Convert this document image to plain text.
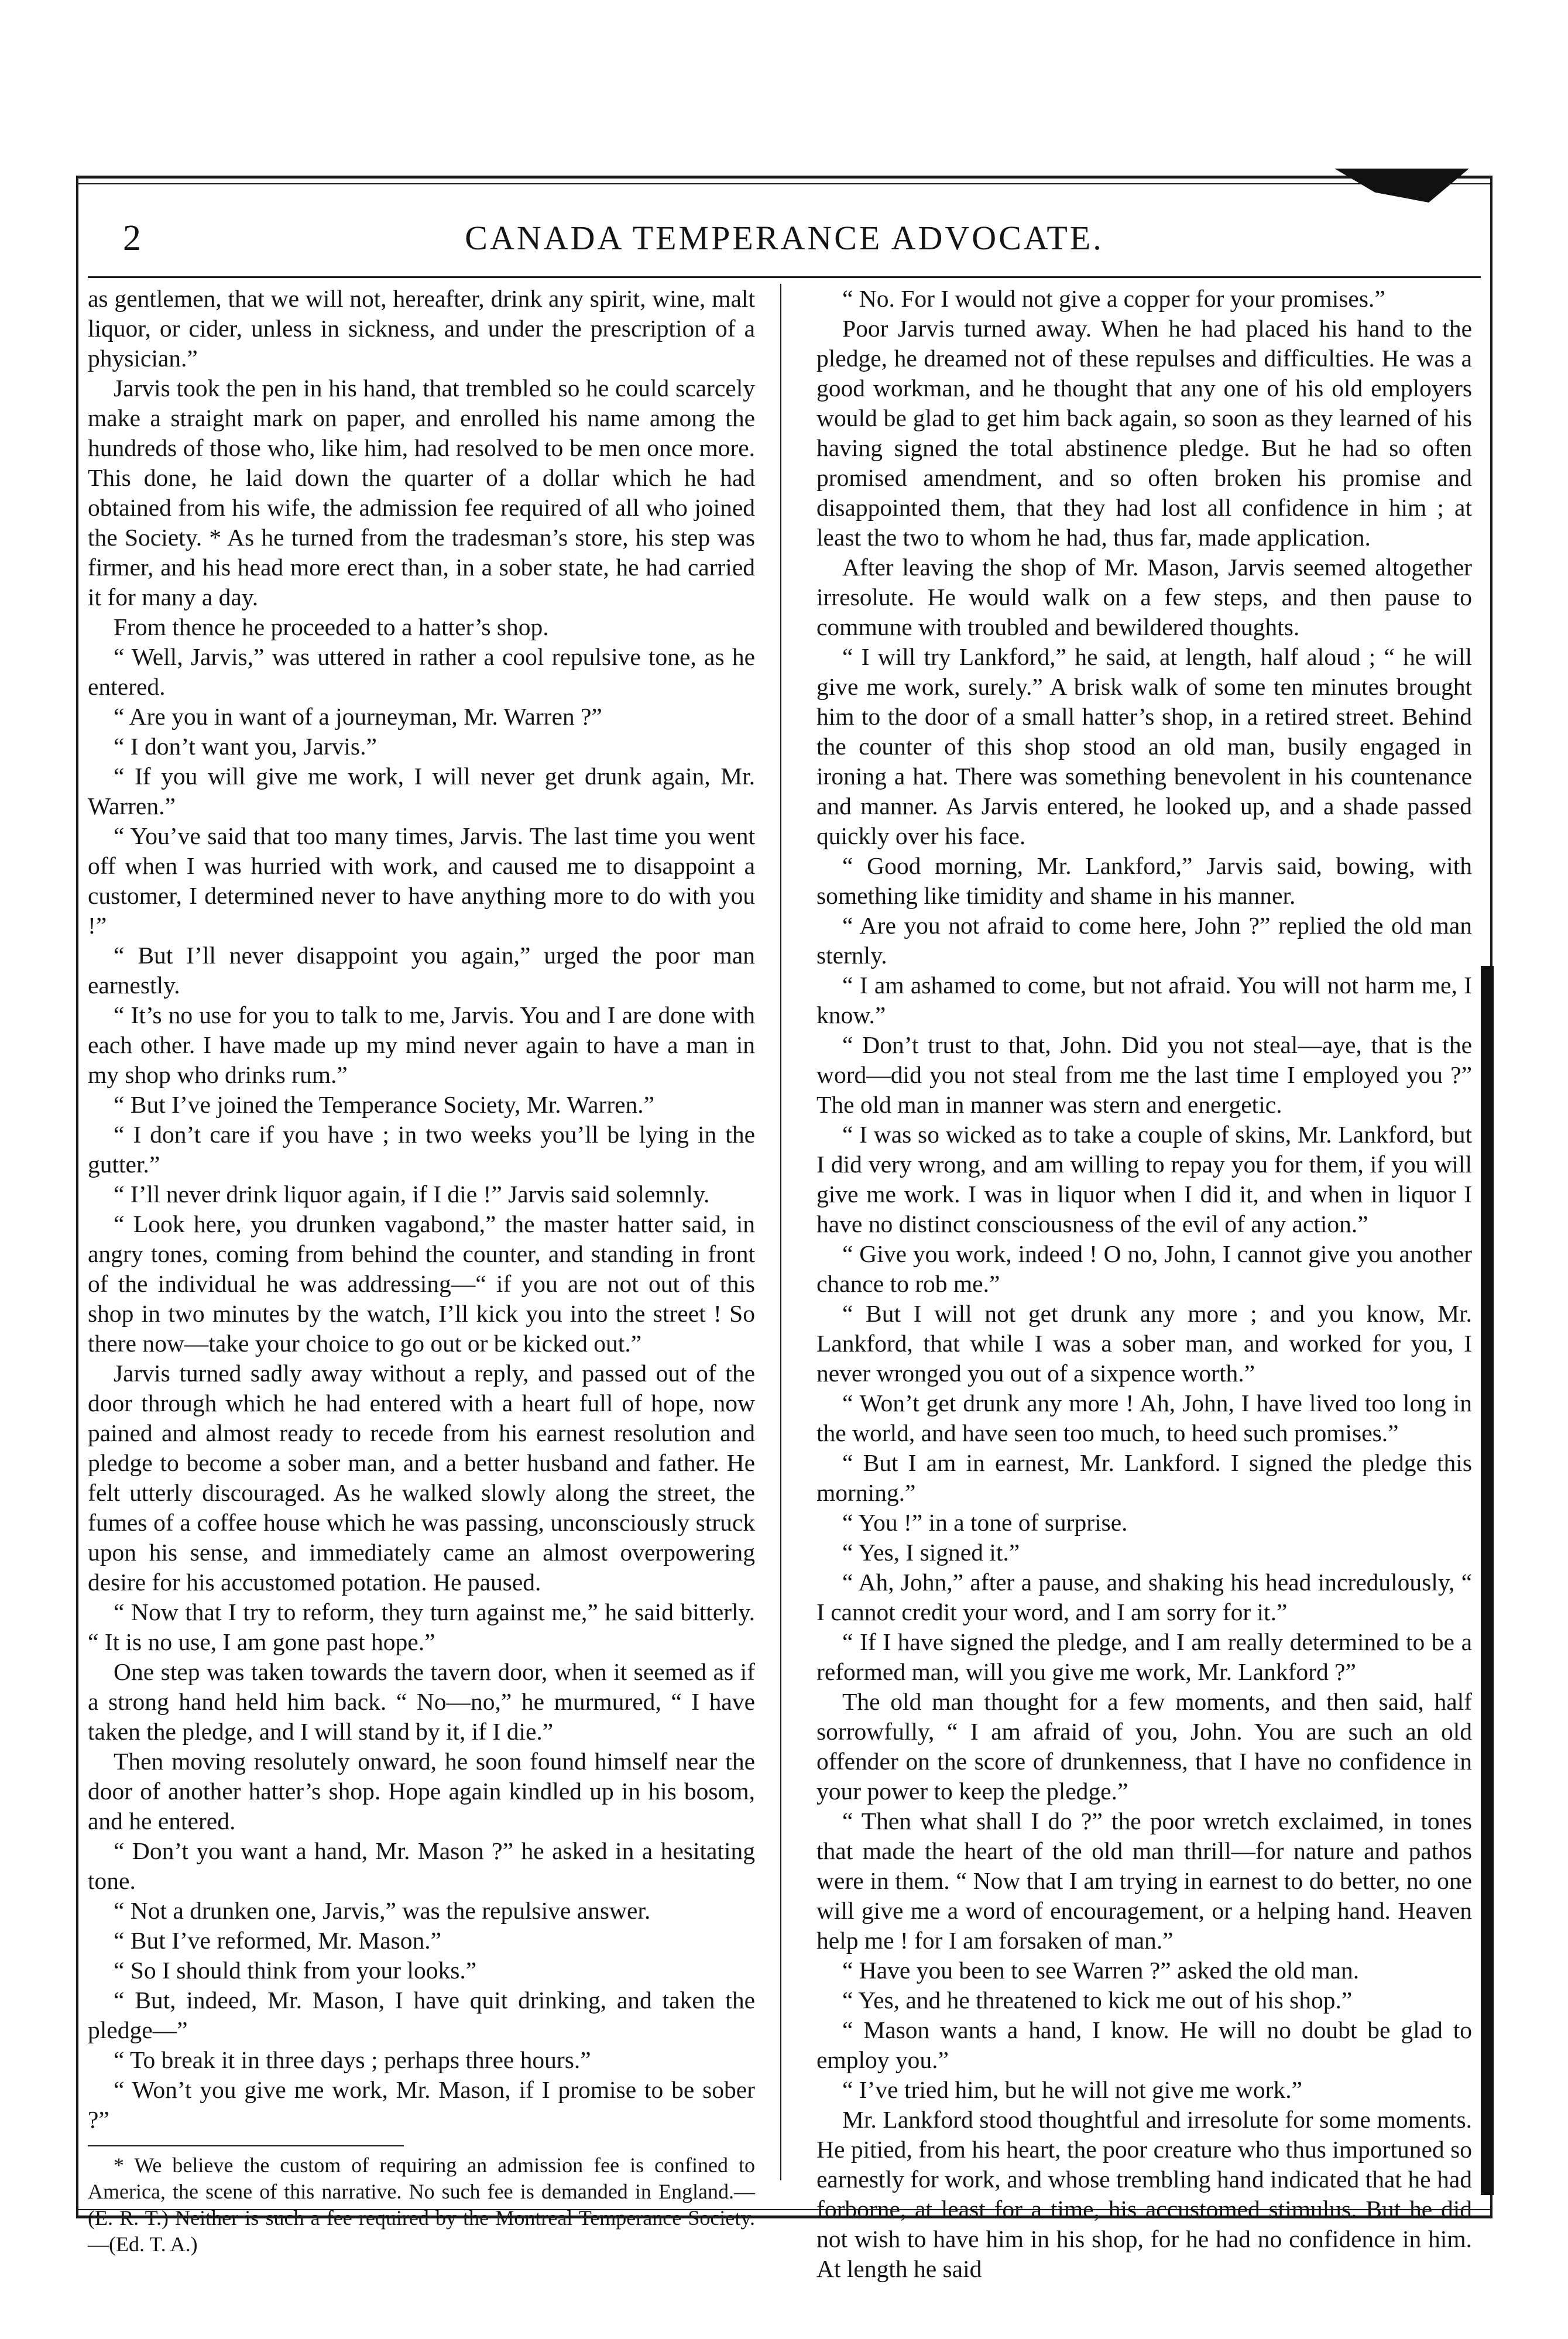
2	CANADA TEMPERANCE ADVOCATE.

as gentlemen, that we will not, hereafter, drink any spirit, wine, malt liquor, or cider, unless in sickness, and under the prescription of a physician.”

Jarvis took the pen in his hand, that trembled so he could scarcely make a straight mark on paper, and enrolled his name among the hundreds of those who, like him, had resolved to be men once more. This done, he laid down the quarter of a dollar which he had obtained from his wife, the admission fee required of all who joined the Society. * As he turned from the tradesman’s store, his step was firmer, and his head more erect than, in a sober state, he had carried it for many a day.

From thence he proceeded to a hatter’s shop.

“ Well, Jarvis,” was uttered in rather a cool repulsive tone, as he entered.

“ Are you in want of a journeyman, Mr. Warren ?”

“ I don’t want you, Jarvis.”

“ If you will give me work, I will never get drunk again, Mr. Warren.”

“ You’ve said that too many times, Jarvis. The last time you went off when I was hurried with work, and caused me to disappoint a customer, I determined never to have anything more to do with you !”

“ But I’ll never disappoint you again,” urged the poor man earnestly.

“ It’s no use for you to talk to me, Jarvis. You and I are done with each other. I have made up my mind never again to have a man in my shop who drinks rum.”

“ But I’ve joined the Temperance Society, Mr. Warren.”

“ I don’t care if you have ; in two weeks you’ll be lying in the gutter.”

“ I’ll never drink liquor again, if I die !” Jarvis said solemnly.

“ Look here, you drunken vagabond,” the master hatter said, in angry tones, coming from behind the counter, and standing in front of the individual he was addressing—“ if you are not out of this shop in two minutes by the watch, I’ll kick you into the street ! So there now—take your choice to go out or be kicked out.”

Jarvis turned sadly away without a reply, and passed out of the door through which he had entered with a heart full of hope, now pained and almost ready to recede from his earnest resolution and pledge to become a sober man, and a better husband and father. He felt utterly discouraged. As he walked slowly along the street, the fumes of a coffee house which he was passing, unconsciously struck upon his sense, and immediately came an almost overpowering desire for his accustomed potation. He paused.

“ Now that I try to reform, they turn against me,” he said bitterly. “ It is no use, I am gone past hope.”

One step was taken towards the tavern door, when it seemed as if a strong hand held him back. “ No—no,” he murmured, “ I have taken the pledge, and I will stand by it, if I die.”

Then moving resolutely onward, he soon found himself near the door of another hatter’s shop. Hope again kindled up in his bosom, and he entered.

“ Don’t you want a hand, Mr. Mason ?” he asked in a hesitating tone.

“ Not a drunken one, Jarvis,” was the repulsive answer.

“ But I’ve reformed, Mr. Mason.”

“ So I should think from your looks.”

“ But, indeed, Mr. Mason, I have quit drinking, and taken the pledge—”

“ To break it in three days ; perhaps three hours.”

“ Won’t you give me work, Mr. Mason, if I promise to be sober ?”

* We believe the custom of requiring an admission fee is confined to America, the scene of this narrative. No such fee is demanded in England.—(E. R. T.) Neither is such a fee required by the Montreal Temperance Society.—(Ed. T. A.)

“ No. For I would not give a copper for your promises.”

Poor Jarvis turned away. When he had placed his hand to the pledge, he dreamed not of these repulses and difficulties. He was a good workman, and he thought that any one of his old employers would be glad to get him back again, so soon as they learned of his having signed the total abstinence pledge. But he had so often promised amendment, and so often broken his promise and disappointed them, that they had lost all confidence in him ; at least the two to whom he had, thus far, made application.

After leaving the shop of Mr. Mason, Jarvis seemed altogether irresolute. He would walk on a few steps, and then pause to commune with troubled and bewildered thoughts.

“ I will try Lankford,” he said, at length, half aloud ; “ he will give me work, surely.” A brisk walk of some ten minutes brought him to the door of a small hatter’s shop, in a retired street. Behind the counter of this shop stood an old man, busily engaged in ironing a hat. There was something benevolent in his countenance and manner. As Jarvis entered, he looked up, and a shade passed quickly over his face.

“ Good morning, Mr. Lankford,” Jarvis said, bowing, with something like timidity and shame in his manner.

“ Are you not afraid to come here, John ?” replied the old man sternly.

“ I am ashamed to come, but not afraid. You will not harm me, I know.”

“ Don’t trust to that, John. Did you not steal—aye, that is the word—did you not steal from me the last time I employed you ?” The old man in manner was stern and energetic.

“ I was so wicked as to take a couple of skins, Mr. Lankford, but I did very wrong, and am willing to repay you for them, if you will give me work. I was in liquor when I did it, and when in liquor I have no distinct consciousness of the evil of any action.”

“ Give you work, indeed ! O no, John, I cannot give you another chance to rob me.”

“ But I will not get drunk any more ; and you know, Mr. Lankford, that while I was a sober man, and worked for you, I never wronged you out of a sixpence worth.”

“ Won’t get drunk any more ! Ah, John, I have lived too long in the world, and have seen too much, to heed such promises.”

“ But I am in earnest, Mr. Lankford. I signed the pledge this morning.”

“ You !” in a tone of surprise.

“ Yes, I signed it.”

“ Ah, John,” after a pause, and shaking his head incredulously, “ I cannot credit your word, and I am sorry for it.”

“ If I have signed the pledge, and I am really determined to be a reformed man, will you give me work, Mr. Lankford ?”

The old man thought for a few moments, and then said, half sorrowfully, “ I am afraid of you, John. You are such an old offender on the score of drunkenness, that I have no confidence in your power to keep the pledge.”

“ Then what shall I do ?” the poor wretch exclaimed, in tones that made the heart of the old man thrill—for nature and pathos were in them. “ Now that I am trying in earnest to do better, no one will give me a word of encouragement, or a helping hand. Heaven help me ! for I am forsaken of man.”

“ Have you been to see Warren ?” asked the old man.

“ Yes, and he threatened to kick me out of his shop.”

“ Mason wants a hand, I know. He will no doubt be glad to employ you.”

“ I’ve tried him, but he will not give me work.”

Mr. Lankford stood thoughtful and irresolute for some moments. He pitied, from his heart, the poor creature who thus importuned so earnestly for work, and whose trembling hand indicated that he had forborne, at least for a time, his accustomed stimulus. But he did not wish to have him in his shop, for he had no confidence in him. At length he said
